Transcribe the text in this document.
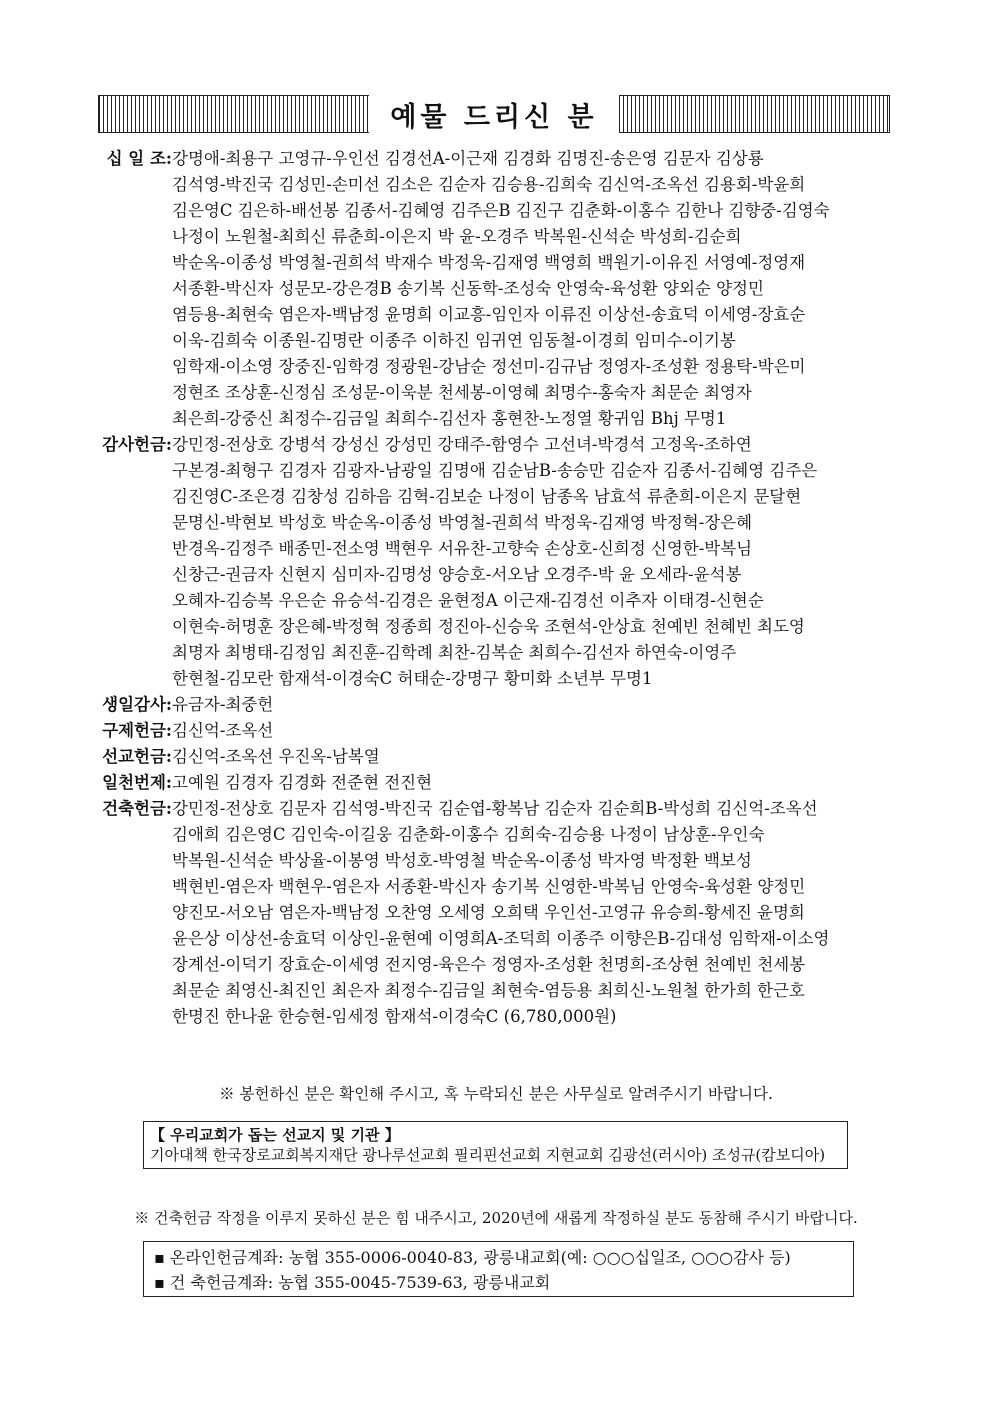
예물 드리신 분
십 일 조: 강명애-최용구 고영규-우인선 김경선A-이근재 김경화 김명진-송은영 김문자 김상룡
김석영-박진국 김성민-손미선 김소은 김순자 김승용-김희숙 김신억-조옥선 김용회-박윤희
김은영C 김은하-배선봉 김종서-김혜영 김주은B 김진구 김춘화-이홍수 김한나 김향중-김영숙
나정이 노원철-최희신 류춘희-이은지 박 윤-오경주 박복원-신석순 박성희-김순희
박순옥-이종성 박영철-권희석 박재수 박정욱-김재영 백영희 백원기-이유진 서영예-정영재
서종환-박신자 성문모-강은경B 송기복 신동학-조성숙 안영숙-육성환 양외순 양정민
염등용-최현숙 염은자-백남정 윤명희 이교흥-임인자 이류진 이상선-송효덕 이세영-장효순
이욱-김희숙 이종원-김명란 이종주 이하진 임귀연 임동철-이경희 임미수-이기봉
임학재-이소영 장중진-임학경 정광원-강남순 정선미-김규남 정영자-조성환 정용탁-박은미
정현조 조상훈-신정심 조성문-이욱분 천세봉-이영혜 최명수-홍숙자 최문순 최영자
최은희-강중신 최정수-김금일 최희수-김선자 홍현찬-노정열 황귀임 Bhj 무명1
감사헌금: 강민정-전상호 강병석 강성신 강성민 강태주-함영수 고선녀-박경석 고정옥-조하연
구본경-최형구 김경자 김광자-남광일 김명애 김순남B-송승만 김순자 김종서-김혜영 김주은
김진영C-조은경 김창성 김하음 김혁-김보순 나정이 남종옥 남효석 류춘희-이은지 문달현
문명신-박현보 박성호 박순옥-이종성 박영철-권희석 박정욱-김재영 박정혁-장은혜
반경옥-김정주 배종민-전소영 백현우 서유찬-고향숙 손상호-신희정 신영한-박복님
신창근-권금자 신현지 심미자-김명성 양승호-서오남 오경주-박 윤 오세라-윤석봉
오혜자-김승복 우은순 유승석-김경은 윤현정A 이근재-김경선 이추자 이태경-신현순
이현숙-허명훈 장은혜-박정혁 정종희 정진아-신승욱 조현석-안상효 천예빈 천혜빈 최도영
최명자 최병태-김정임 최진훈-김학례 최찬-김복순 최희수-김선자 하연숙-이영주
한현철-김모란 함재석-이경숙C 허태순-강명구 황미화 소년부 무명1
생일감사: 유금자-최중헌
구제헌금: 김신억-조옥선
선교헌금: 김신억-조옥선 우진옥-남복열
일천번제: 고예원 김경자 김경화 전준현 전진현
건축헌금: 강민정-전상호 김문자 김석영-박진국 김순엽-황복남 김순자 김순희B-박성희 김신억-조옥선
김애희 김은영C 김인숙-이길웅 김춘화-이홍수 김희숙-김승용 나정이 남상훈-우인숙
박복원-신석순 박상율-이봉영 박성호-박영철 박순옥-이종성 박자영 박정환 백보성
백현빈-염은자 백현우-염은자 서종환-박신자 송기복 신영한-박복님 안영숙-육성환 양정민
양진모-서오남 염은자-백남정 오찬영 오세영 오희택 우인선-고영규 유승희-황세진 윤명희
윤은상 이상선-송효덕 이상인-윤현예 이영희A-조덕희 이종주 이향은B-김대성 임학재-이소영
장계선-이덕기 장효순-이세영 전지영-육은수 정영자-조성환 천명희-조상현 천예빈 천세봉
최문순 최영신-최진인 최은자 최정수-김금일 최현숙-염등용 최희신-노원철 한가희 한근호
한명진 한나윤 한승현-임세정 함재석-이경숙C (6,780,000원)
※ 봉헌하신 분은 확인해 주시고, 혹 누락되신 분은 사무실로 알려주시기 바랍니다.
【 우리교회가 돕는 선교지 및 기관 】
기아대책 한국장로교회복지재단 광나루선교회 필리핀선교회 지현교회 김광선(러시아) 조성규(캄보디아)
※ 건축헌금 작정을 이루지 못하신 분은 힘 내주시고, 2020년에 새롭게 작정하실 분도 동참해 주시기 바랍니다.
▪ 온라인헌금계좌: 농협 355-0006-0040-83, 광릉내교회(예: ○○○십일조, ○○○감사 등)
▪ 건 축헌금계좌: 농협 355-0045-7539-63, 광릉내교회
